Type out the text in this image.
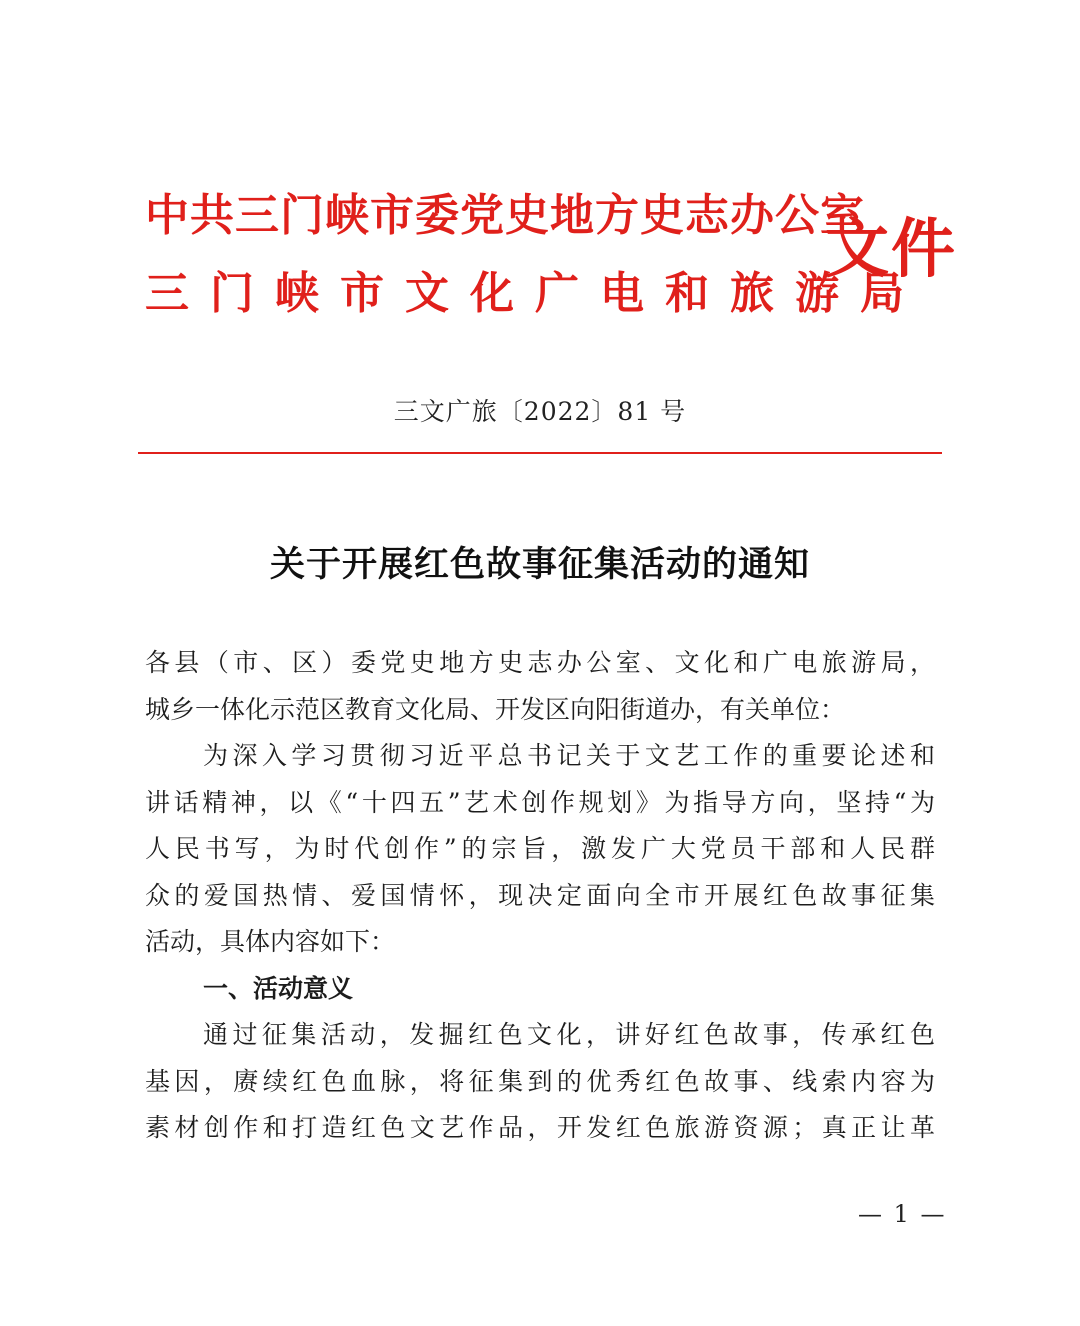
中共三门峡市委党史地方史志办公室
三门峡市文化广电和旅游局
文件
三文广旅〔2022〕81 号
关于开展红色故事征集活动的通知
各县（市、区）委党史地方史志办公室、文化和广电旅游局，
城乡一体化示范区教育文化局、开发区向阳街道办，有关单位：
为深入学习贯彻习近平总书记关于文艺工作的重要论述和
讲话精神，以《“十四五”艺术创作规划》为指导方向，坚持“为
人民书写，为时代创作”的宗旨，激发广大党员干部和人民群
众的爱国热情、爱国情怀，现决定面向全市开展红色故事征集
活动，具体内容如下：
一、活动意义
通过征集活动，发掘红色文化，讲好红色故事，传承红色
基因，赓续红色血脉，将征集到的优秀红色故事、线索内容为
素材创作和打造红色文艺作品，开发红色旅游资源；真正让革
— 1 —
